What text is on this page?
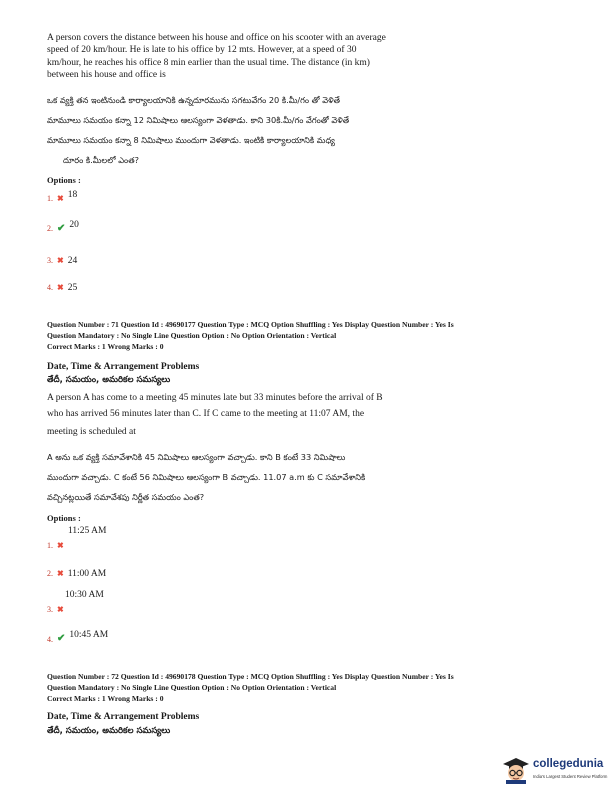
A person covers the distance between his house and office on his scooter with an average
speed of 20 km/hour. He is late to his office by 12 mts. However, at a speed of 30
km/hour, he reaches his office 8 min earlier than the usual time. The distance (in km)
between his house and office is
ఒక వ్యక్తి తన ఇంటినుండి కార్యాలయానికి ఉన్నదూరమును సగటువేగం 20 కి.మీ/గం తో వెళితే
మామూలు సమయం కన్నా 12 నిమిషాలు ఆలస్యంగా వెళతాడు. కాని 30కి.మీ/గం వేగంతో వెళితే
మామూలు సమయం కన్నా 8 నిమిషాలు ముందుగా వెళతాడు. ఇంటికి కార్యాలయానికి మధ్య
దూరం కి.మీలలో ఎంత?
Options :
1. ✖ $^{18}$
2. ✔ $^{20}$
3. ✖ 24
4. ✖ 25
Question Number : 71 Question Id : 49690177 Question Type : MCQ Option Shuffling : Yes Display Question Number : Yes Is
Question Mandatory : No Single Line Question Option : No Option Orientation : Vertical
Correct Marks : 1 Wrong Marks : 0
Date, Time & Arrangement Problems
తేదీ, సమయం, అమరికల సమస్యలు
A person A has come to a meeting 45 minutes late but 33 minutes before the arrival of B
who has arrived 56 minutes later than C. If C came to the meeting at 11:07 AM, the
meeting is scheduled at
A అను ఒక వ్యక్తి సమావేశానికి 45 నిమిషాలు ఆలస్యంగా వచ్చాడు. కాని B కంటే 33 నిమిషాలు
ముందుగా వచ్చాడు. C కంటే 56 నిమిషాలు ఆలస్యంగా B వచ్చాడు. 11.07 a.m కు C సమావేశానికి
వచ్చినట్లయితే సమావేశపు నిర్ణీత సమయం ఎంత?
Options :
11:25 AM
1. ✖
2. ✖ 11:00 AM
10:30 AM
3. ✖
$_{4.}$ $_✔$ 10:45 AM
Question Number : 72 Question Id : 49690178 Question Type : MCQ Option Shuffling : Yes Display Question Number : Yes Is
Question Mandatory : No Single Line Question Option : No Option Orientation : Vertical
Correct Marks : 1 Wrong Marks : 0
Date, Time & Arrangement Problems
తేదీ, సమయం, అమరికల సమస్యలు
collegedunia
India's Largest Student Review Platform
